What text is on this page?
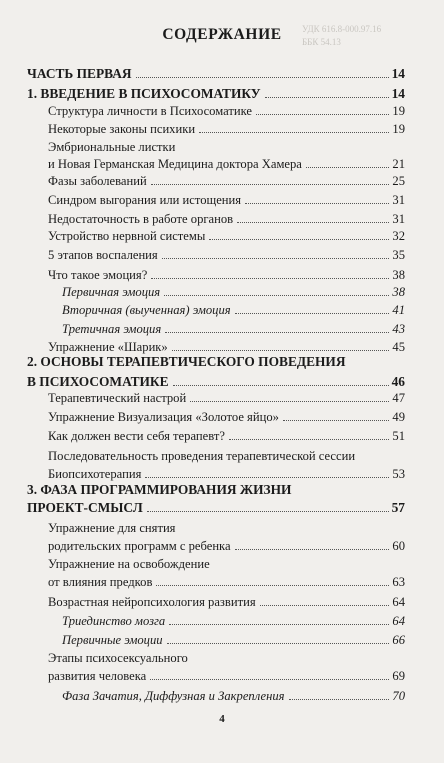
УДК 616.8-000.97.16
ББК 54.13
СОДЕРЖАНИЕ
ЧАСТЬ ПЕРВАЯ	14
1. ВВЕДЕНИЕ В ПСИХОСОМАТИКУ	14
Структура личности в Психосоматике	19
Некоторые законы психики	19
Эмбриональные листки
и Новая Германская Медицина доктора Хамера	21
Фазы заболеваний	25
Синдром выгорания или истощения	31
Недостаточность в работе органов	31
Устройство нервной системы	32
5 этапов воспаления	35
Что такое эмоция?	38
Первичная эмоция	38
Вторичная (выученная) эмоция	41
Третичная эмоция	43
Упражнение «Шарик»	45
2. ОСНОВЫ ТЕРАПЕВТИЧЕСКОГО ПОВЕДЕНИЯ
В ПСИХОСОМАТИКЕ	46
Терапевтический настрой	47
Упражнение Визуализация «Золотое яйцо»	49
Как должен вести себя терапевт?	51
Последовательность проведения терапевтической сессии
Биопсихотерапия	53
3. ФАЗА ПРОГРАММИРОВАНИЯ ЖИЗНИ
ПРОЕКТ-СМЫСЛ	57
Упражнение для снятия
родительских программ с ребенка	60
Упражнение на освобождение
от влияния предков	63
Возрастная нейропсихология развития	64
Триединство мозга	64
Первичные эмоции	66
Этапы психосексуального
развития человека	69
Фаза Зачатия, Диффузная и Закрепления	70
4
